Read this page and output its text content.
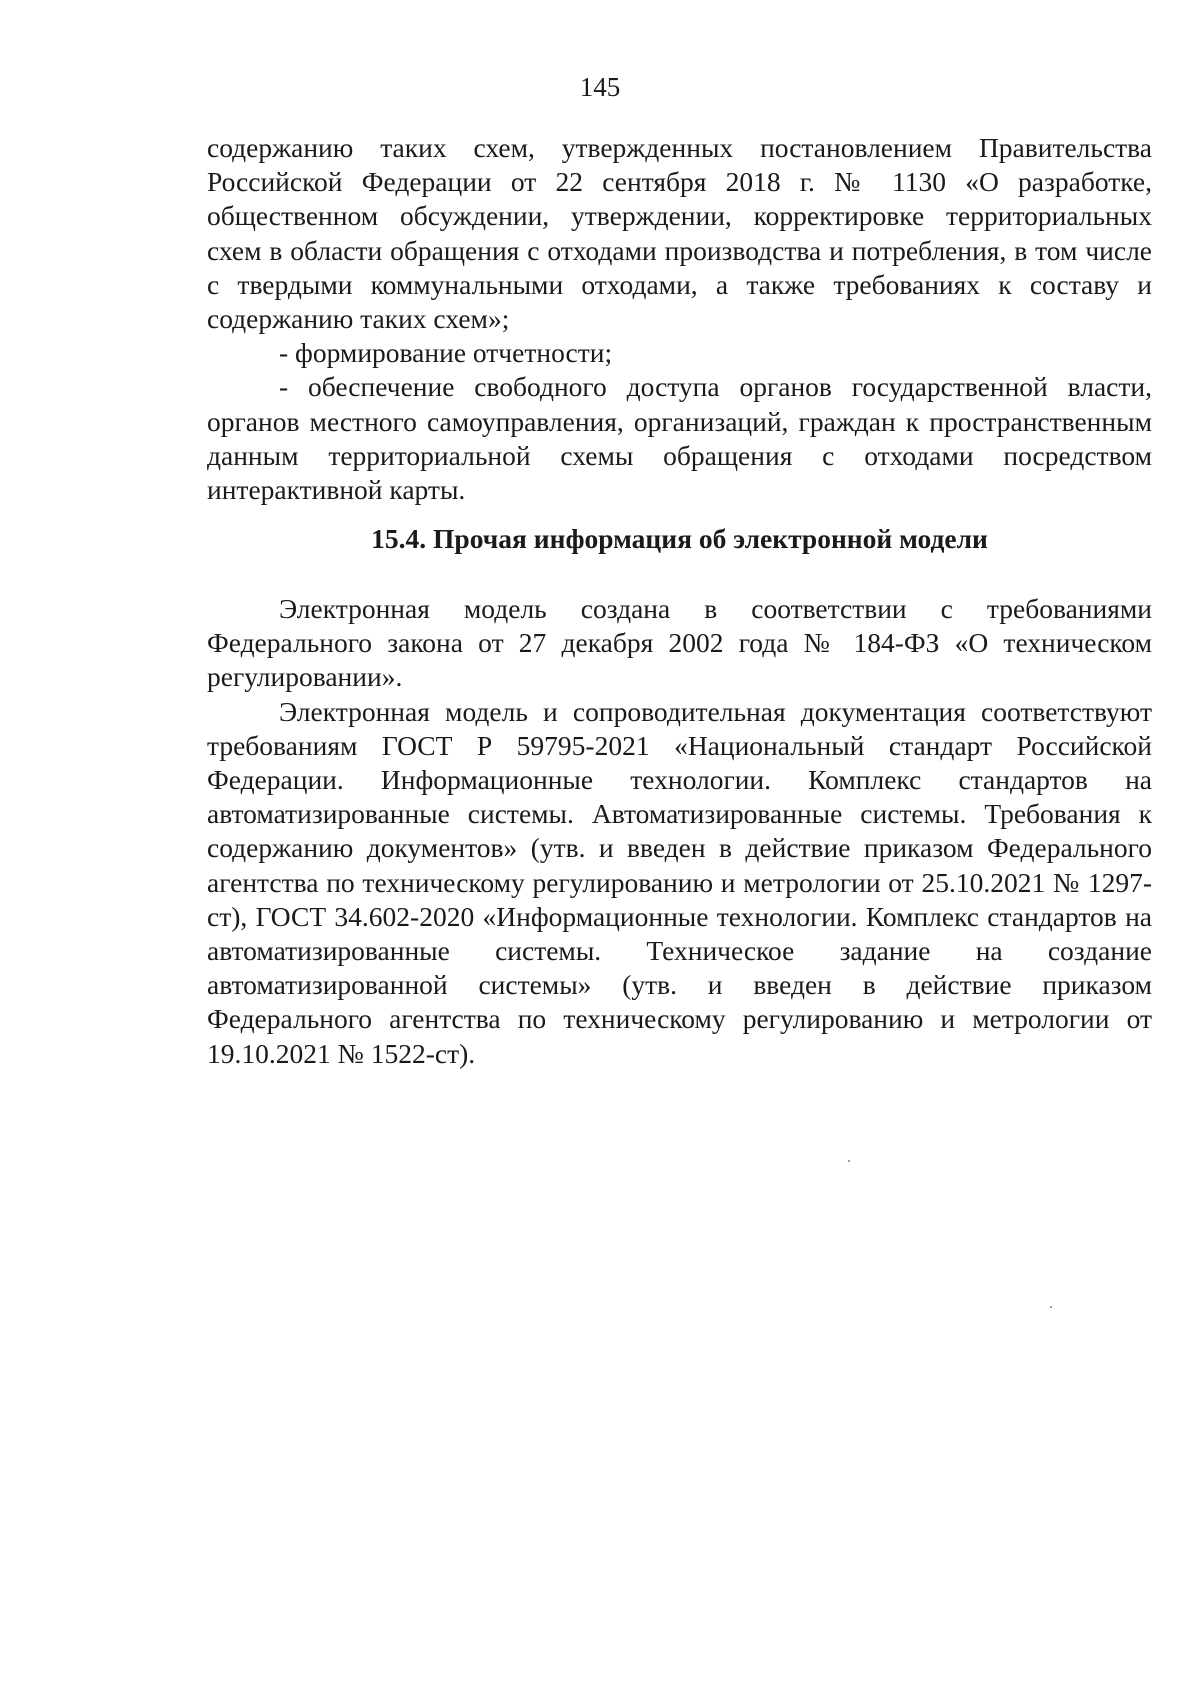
145

содержанию таких схем, утвержденных постановлением Правительства Российской Федерации от 22 сентября 2018 г. № 1130 «О разработке, общественном обсуждении, утверждении, корректировке территориальных схем в области обращения с отходами производства и потребления, в том числе с твердыми коммунальными отходами, а также требованиях к составу и содержанию таких схем»;

- формирование отчетности;

- обеспечение свободного доступа органов государственной власти, органов местного самоуправления, организаций, граждан к пространственным данным территориальной схемы обращения с отходами посредством интерактивной карты.

15.4. Прочая информация об электронной модели

Электронная модель создана в соответствии с требованиями Федерального закона от 27 декабря 2002 года № 184-ФЗ «О техническом регулировании».

Электронная модель и сопроводительная документация соответствуют требованиям ГОСТ Р 59795-2021 «Национальный стандарт Российской Федерации. Информационные технологии. Комплекс стандартов на автоматизированные системы. Автоматизированные системы. Требования к содержанию документов» (утв. и введен в действие приказом Федерального агентства по техническому регулированию и метрологии от 25.10.2021 № 1297-ст), ГОСТ 34.602-2020 «Информационные технологии. Комплекс стандартов на автоматизированные системы. Техническое задание на создание автоматизированной системы» (утв. и введен в действие приказом Федерального агентства по техническому регулированию и метрологии от 19.10.2021 № 1522-ст).
